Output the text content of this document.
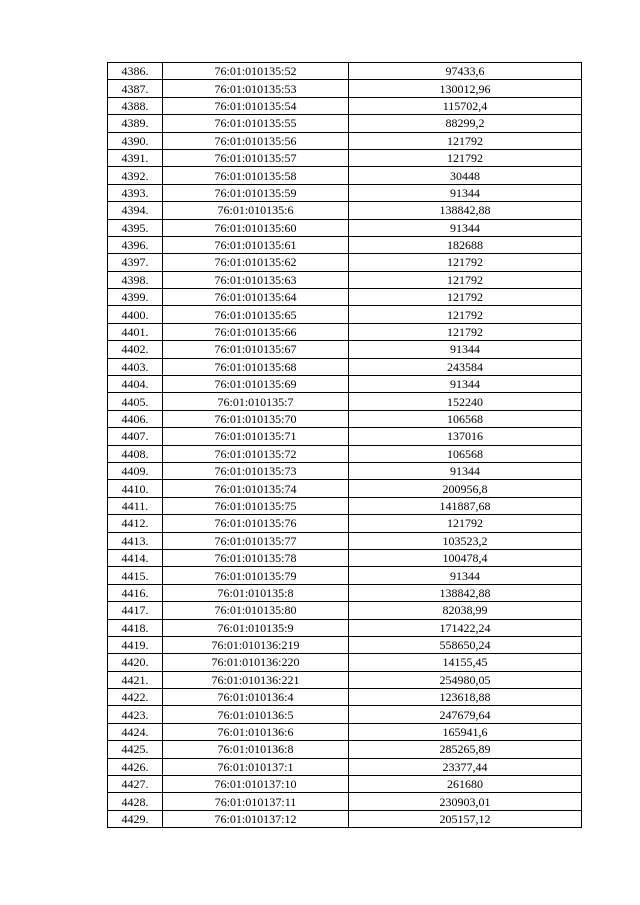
4386.	76:01:010135:52	97433,6
4387.	76:01:010135:53	130012,96
4388.	76:01:010135:54	115702,4
4389.	76:01:010135:55	88299,2
4390.	76:01:010135:56	121792
4391.	76:01:010135:57	121792
4392.	76:01:010135:58	30448
4393.	76:01:010135:59	91344
4394.	76:01:010135:6	138842,88
4395.	76:01:010135:60	91344
4396.	76:01:010135:61	182688
4397.	76:01:010135:62	121792
4398.	76:01:010135:63	121792
4399.	76:01:010135:64	121792
4400.	76:01:010135:65	121792
4401.	76:01:010135:66	121792
4402.	76:01:010135:67	91344
4403.	76:01:010135:68	243584
4404.	76:01:010135:69	91344
4405.	76:01:010135:7	152240
4406.	76:01:010135:70	106568
4407.	76:01:010135:71	137016
4408.	76:01:010135:72	106568
4409.	76:01:010135:73	91344
4410.	76:01:010135:74	200956,8
4411.	76:01:010135:75	141887,68
4412.	76:01:010135:76	121792
4413.	76:01:010135:77	103523,2
4414.	76:01:010135:78	100478,4
4415.	76:01:010135:79	91344
4416.	76:01:010135:8	138842,88
4417.	76:01:010135:80	82038,99
4418.	76:01:010135:9	171422,24
4419.	76:01:010136:219	558650,24
4420.	76:01:010136:220	14155,45
4421.	76:01:010136:221	254980,05
4422.	76:01:010136:4	123618,88
4423.	76:01:010136:5	247679,64
4424.	76:01:010136:6	165941,6
4425.	76:01:010136:8	285265,89
4426.	76:01:010137:1	23377,44
4427.	76:01:010137:10	261680
4428.	76:01:010137:11	230903,01
4429.	76:01:010137:12	205157,12
